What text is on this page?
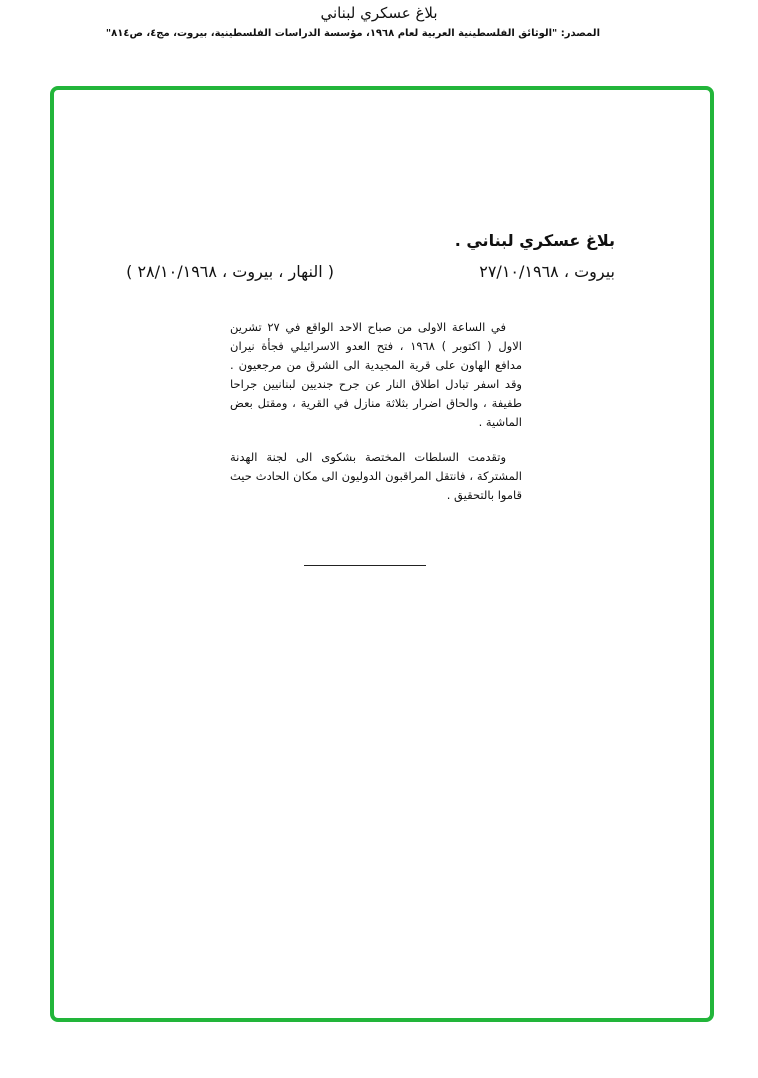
بلاغ عسكري لبناني
المصدر: "الوثائق الفلسطينية العربية لعام ١٩٦٨، مؤسسة الدراسات الفلسطينية، بيروت، مج٤، ص٨١٤"
بلاغ عسكري لبناني .
بيروت ، ٢٧/١٠/١٩٦٨
( النهار ، بيروت ، ٢٨/١٠/١٩٦٨ )

في الساعة الاولى من صباح الاحد الواقع في ٢٧ تشرين الاول ( اكتوبر ) ١٩٦٨ ، فتح العدو الاسرائيلي فجأة نيران مدافع الهاون على قرية المجيدية الى الشرق من مرجعيون . وقد اسفر تبادل اطلاق النار عن جرح جنديين لبنانيين جراحا طفيفة ، والحاق اضرار بثلاثة منازل في القرية ، ومقتل بعض الماشية .

وتقدمت السلطات المختصة بشكوى الى لجنة الهدنة المشتركة ، فانتقل المراقبون الدوليون الى مكان الحادث حيث قاموا بالتحقيق .
